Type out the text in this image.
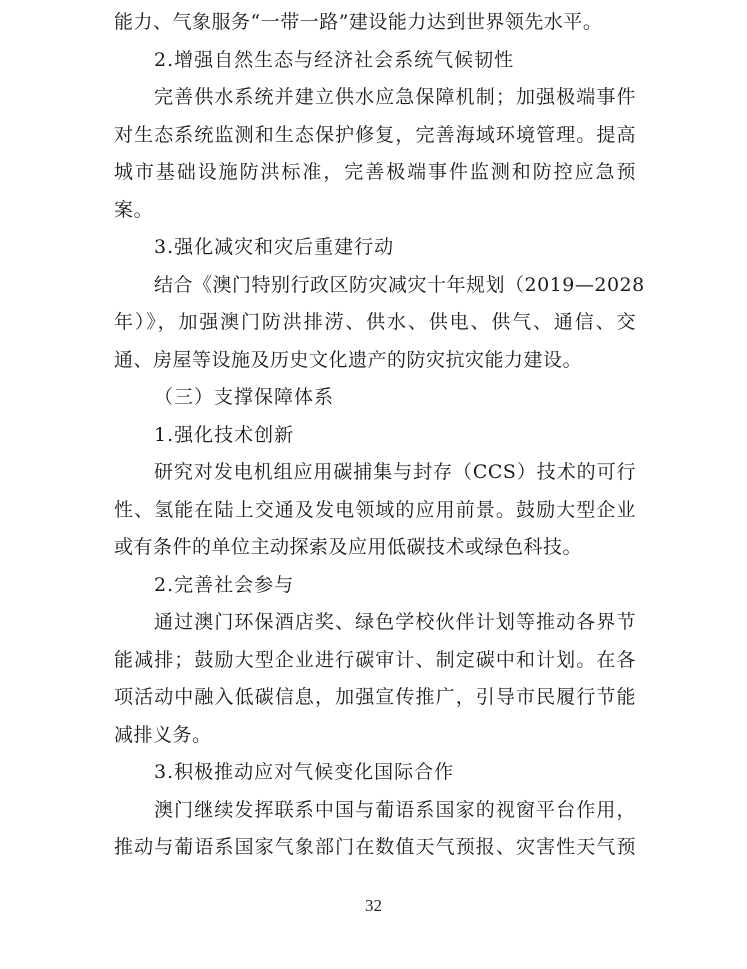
能力、气象服务“一带一路”建设能力达到世界领先水平。
2.增强自然生态与经济社会系统气候韧性
完善供水系统并建立供水应急保障机制；加强极端事件
对生态系统监测和生态保护修复，完善海域环境管理。提高
城市基础设施防洪标准，完善极端事件监测和防控应急预
案。
3.强化减灾和灾后重建行动
结合《澳门特别行政区防灾减灾十年规划（2019—2028
年）》，加强澳门防洪排涝、供水、供电、供气、通信、交
通、房屋等设施及历史文化遗产的防灾抗灾能力建设。
（三）支撑保障体系
1.强化技术创新
研究对发电机组应用碳捕集与封存（CCS）技术的可行
性、氢能在陆上交通及发电领域的应用前景。鼓励大型企业
或有条件的单位主动探索及应用低碳技术或绿色科技。
2.完善社会参与
通过澳门环保酒店奖、绿色学校伙伴计划等推动各界节
能减排；鼓励大型企业进行碳审计、制定碳中和计划。在各
项活动中融入低碳信息，加强宣传推广，引导市民履行节能
减排义务。
3.积极推动应对气候变化国际合作
澳门继续发挥联系中国与葡语系国家的视窗平台作用，
推动与葡语系国家气象部门在数值天气预报、灾害性天气预
32
